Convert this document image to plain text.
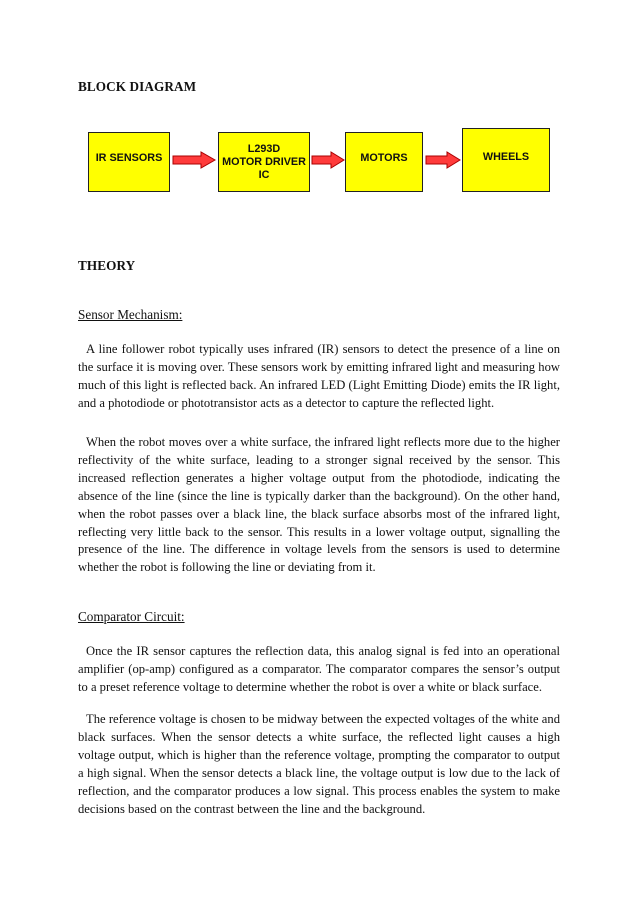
BLOCK DIAGRAM
IR SENSORS
L293D
MOTOR DRIVER
IC
MOTORS	WHEELS
THEORY
Sensor Mechanism:

A line follower robot typically uses infrared (IR) sensors to detect the presence of a line on the surface it is moving over. These sensors work by emitting infrared light and measuring how much of this light is reflected back. An infrared LED (Light Emitting Diode) emits the IR light, and a photodiode or phototransistor acts as a detector to capture the reflected light.

When the robot moves over a white surface, the infrared light reflects more due to the higher reflectivity of the white surface, leading to a stronger signal received by the sensor. This increased reflection generates a higher voltage output from the photodiode, indicating the absence of the line (since the line is typically darker than the background). On the other hand, when the robot passes over a black line, the black surface absorbs most of the infrared light, reflecting very little back to the sensor. This results in a lower voltage output, signalling the presence of the line. The difference in voltage levels from the sensors is used to determine whether the robot is following the line or deviating from it.

Comparator Circuit:

Once the IR sensor captures the reflection data, this analog signal is fed into an operational amplifier (op-amp) configured as a comparator. The comparator compares the sensor’s output to a preset reference voltage to determine whether the robot is over a white or black surface.

The reference voltage is chosen to be midway between the expected voltages of the white and black surfaces. When the sensor detects a white surface, the reflected light causes a high voltage output, which is higher than the reference voltage, prompting the comparator to output a high signal. When the sensor detects a black line, the voltage output is low due to the lack of reflection, and the comparator produces a low signal. This process enables the system to make decisions based on the contrast between the line and the background.
